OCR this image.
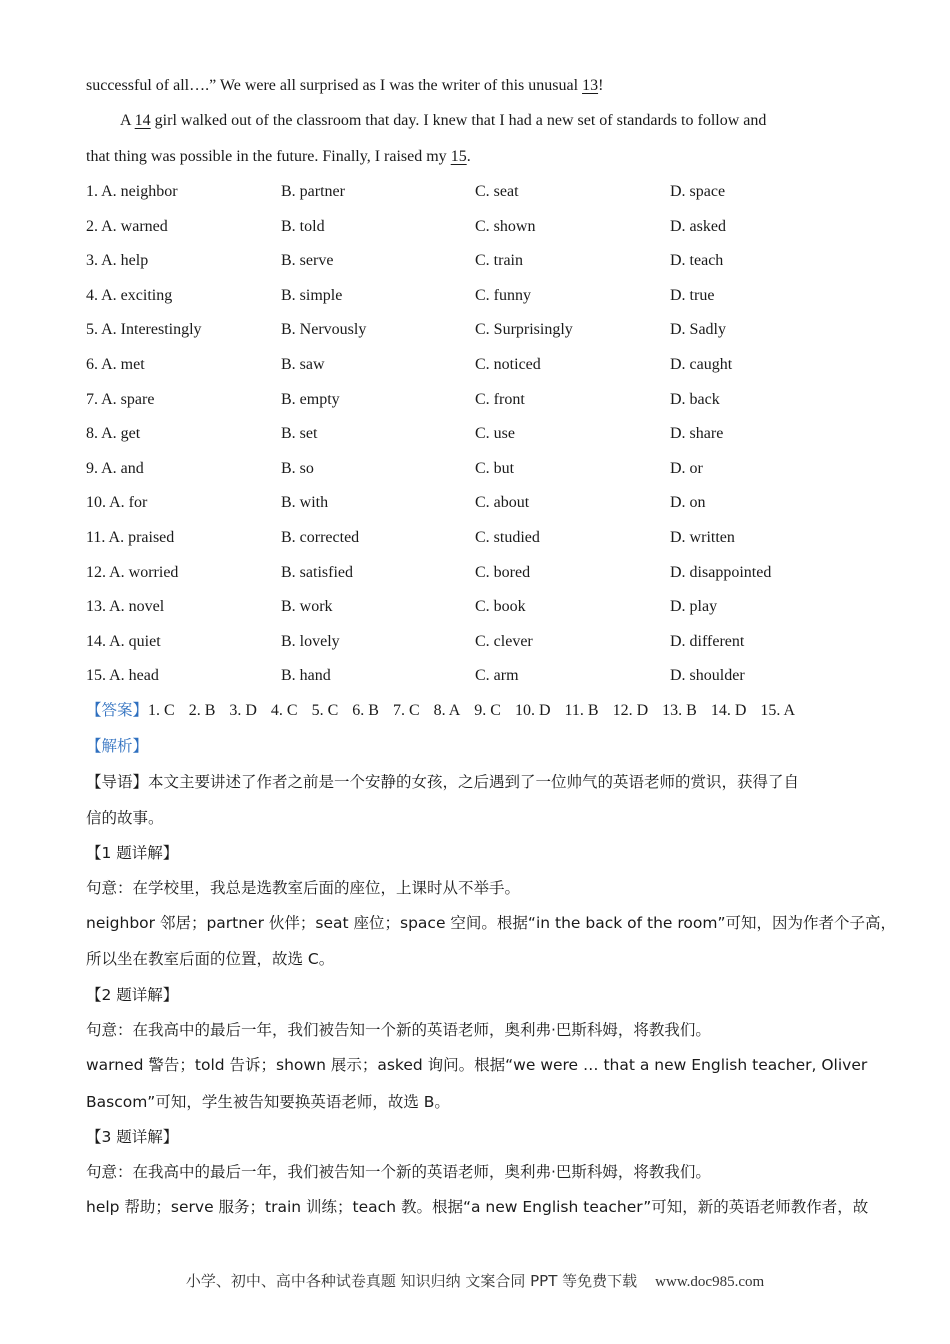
successful of all….” We were all surprised as I was the writer of this unusual 13!
A 14 girl walked out of the classroom that day. I knew that I had a new set of standards to follow and
that thing was possible in the future. Finally, I raised my 15.
1. A. neighbor	B. partner	C. seat	D. space
2. A. warned	B. told	C. shown	D. asked
3. A. help	B. serve	C. train	D. teach
4. A. exciting	B. simple	C. funny	D. true
5. A. Interestingly	B. Nervously	C. Surprisingly	D. Sadly
6. A. met	B. saw	C. noticed	D. caught
7. A. spare	B. empty	C. front	D. back
8. A. get	B. set	C. use	D. share
9. A. and	B. so	C. but	D. or
10. A. for	B. with	C. about	D. on
11. A. praised	B. corrected	C. studied	D. written
12. A. worried	B. satisfied	C. bored	D. disappointed
13. A. novel	B. work	C. book	D. play
14. A. quiet	B. lovely	C. clever	D. different
15. A. head	B. hand	C. arm	D. shoulder
【答案】1. C 2. B 3. D 4. C 5. C 6. B 7. C 8. A 9. C 10. D 11. B 12. D 13. B 14. D 15. A
【解析】
【导语】本文主要讲述了作者之前是一个安静的女孩，之后遇到了一位帅气的英语老师的赏识，获得了自
信的故事。
【1 题详解】
句意：在学校里，我总是选教室后面的座位，上课时从不举手。
neighbor 邻居；partner 伙伴；seat 座位；space 空间。根据“in the back of the room”可知，因为作者个子高，
所以坐在教室后面的位置，故选 C。
【2 题详解】
句意：在我高中的最后一年，我们被告知一个新的英语老师，奥利弗·巴斯科姆，将教我们。
warned 警告；told 告诉；shown 展示；asked 询问。根据“we were … that a new English teacher, Oliver
Bascom”可知，学生被告知要换英语老师，故选 B。
【3 题详解】
句意：在我高中的最后一年，我们被告知一个新的英语老师，奥利弗·巴斯科姆，将教我们。
help 帮助；serve 服务；train 训练；teach 教。根据“a new English teacher”可知，新的英语老师教作者，故
小学、初中、高中各种试卷真题 知识归纳 文案合同 PPT 等免费下载 www.doc985.com
